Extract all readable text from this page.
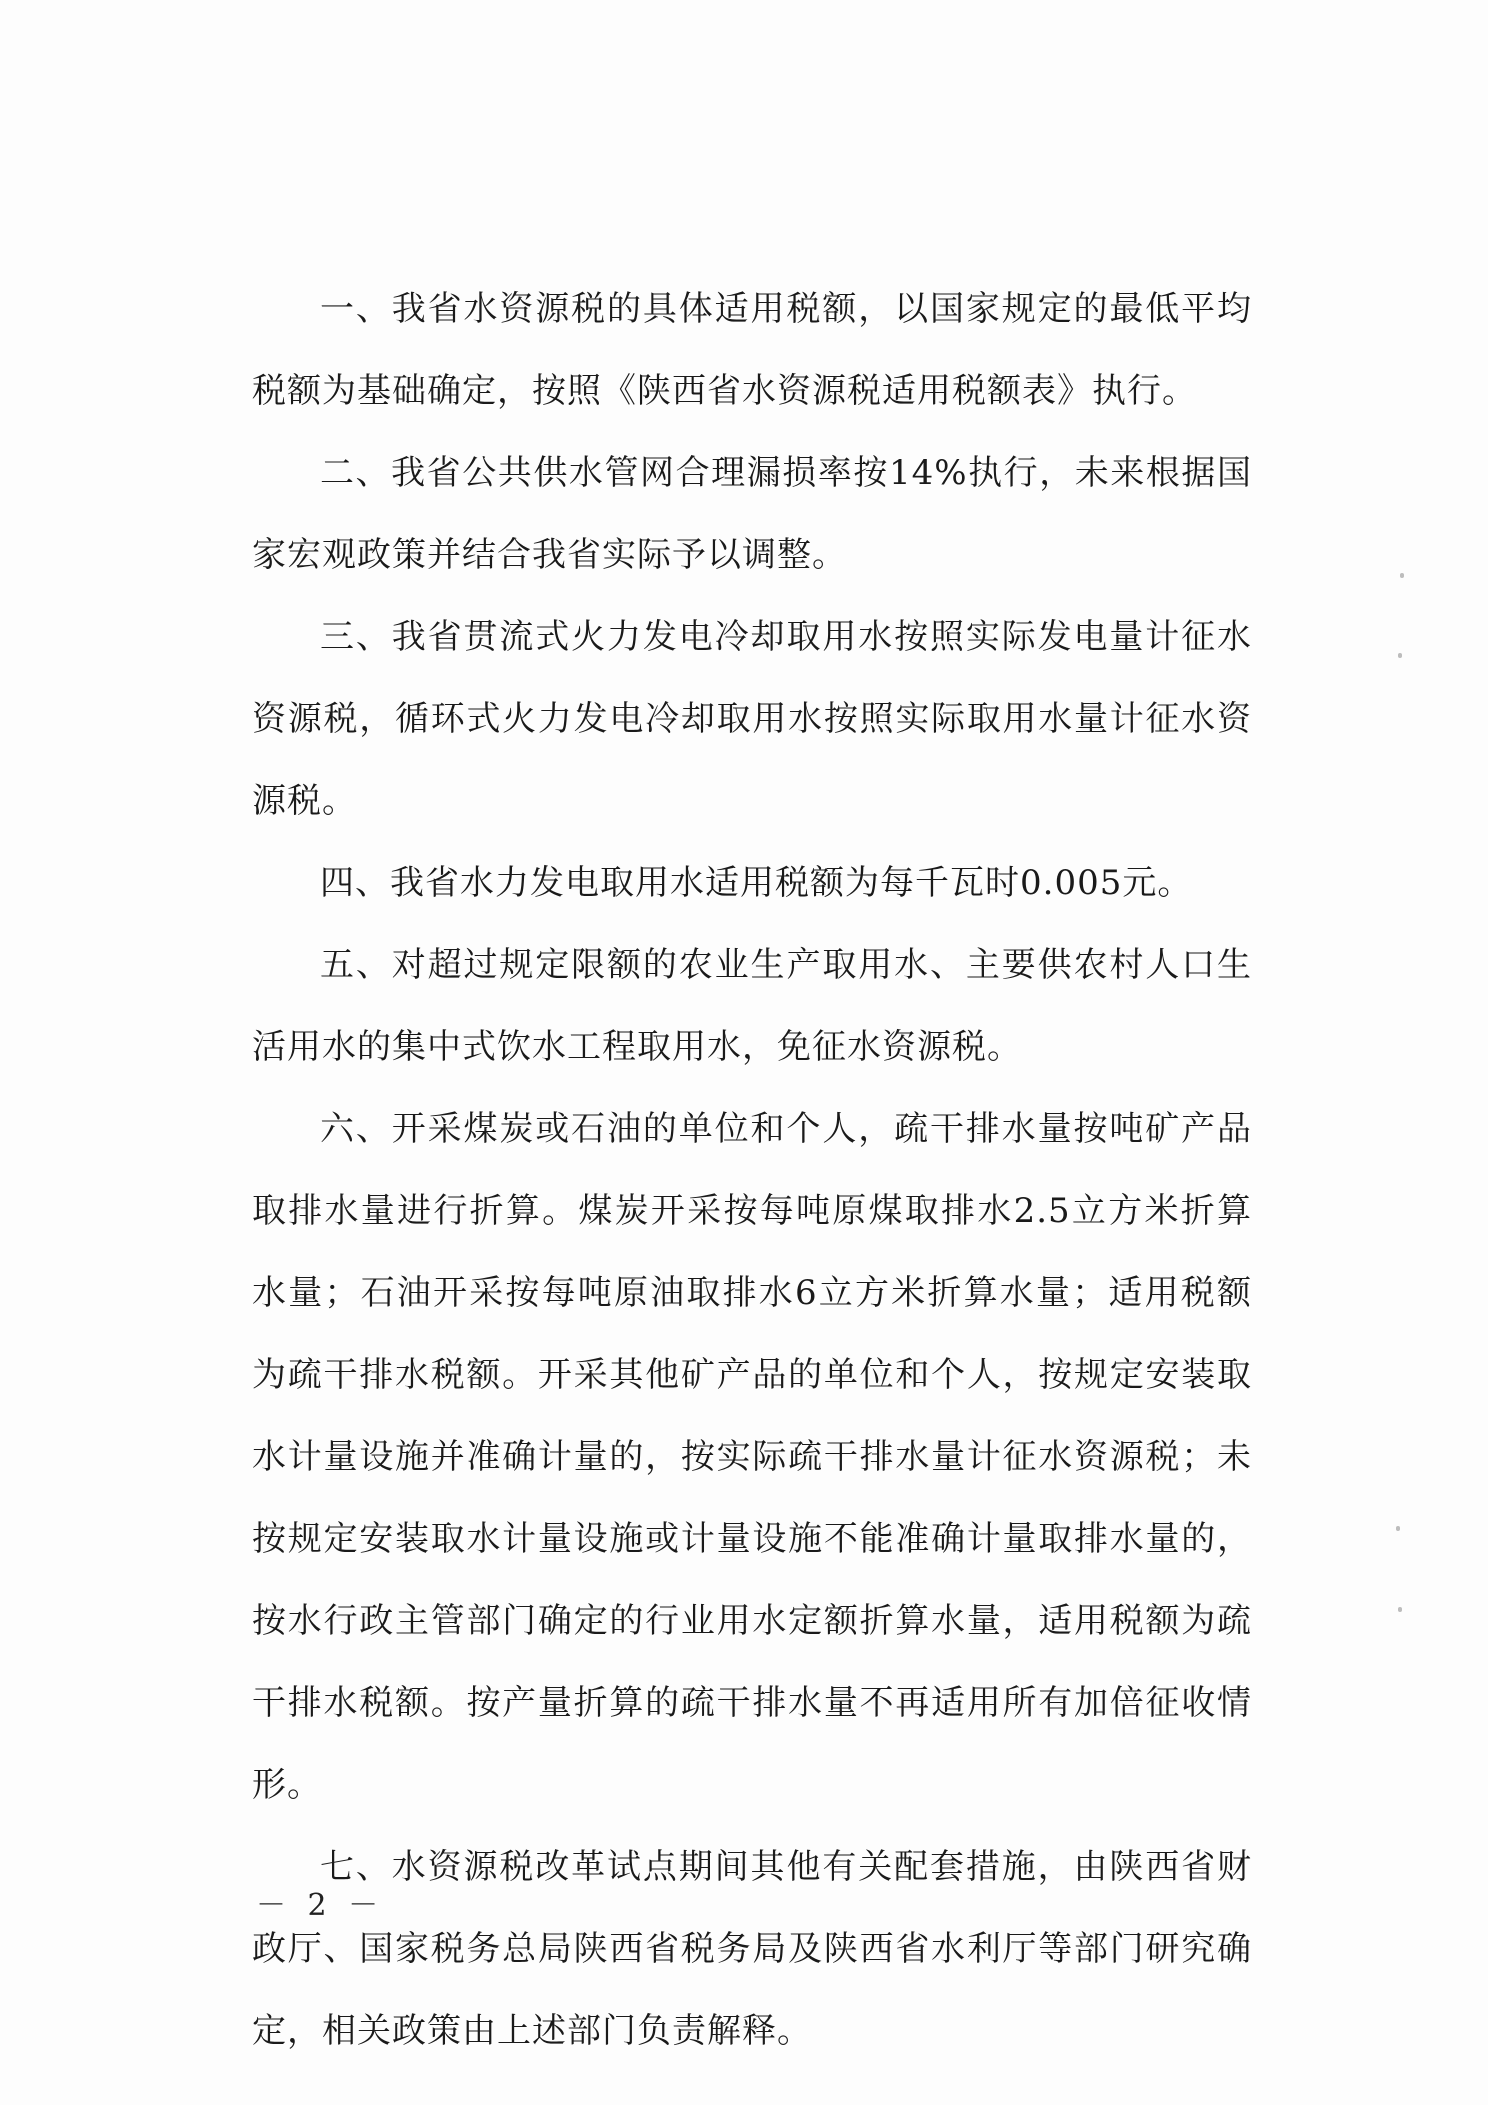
一、我省水资源税的具体适用税额，以国家规定的最低平均税额为基础确定，按照《陕西省水资源税适用税额表》执行。

二、我省公共供水管网合理漏损率按14%执行，未来根据国家宏观政策并结合我省实际予以调整。

三、我省贯流式火力发电冷却取用水按照实际发电量计征水资源税，循环式火力发电冷却取用水按照实际取用水量计征水资源税。

四、我省水力发电取用水适用税额为每千瓦时0.005元。

五、对超过规定限额的农业生产取用水、主要供农村人口生活用水的集中式饮水工程取用水，免征水资源税。

六、开采煤炭或石油的单位和个人，疏干排水量按吨矿产品取排水量进行折算。煤炭开采按每吨原煤取排水2.5立方米折算水量；石油开采按每吨原油取排水6立方米折算水量；适用税额为疏干排水税额。开采其他矿产品的单位和个人，按规定安装取水计量设施并准确计量的，按实际疏干排水量计征水资源税；未按规定安装取水计量设施或计量设施不能准确计量取排水量的，按水行政主管部门确定的行业用水定额折算水量，适用税额为疏干排水税额。按产量折算的疏干排水量不再适用所有加倍征收情形。

七、水资源税改革试点期间其他有关配套措施，由陕西省财政厅、国家税务总局陕西省税务局及陕西省水利厅等部门研究确定，相关政策由上述部门负责解释。

－ 2 －
